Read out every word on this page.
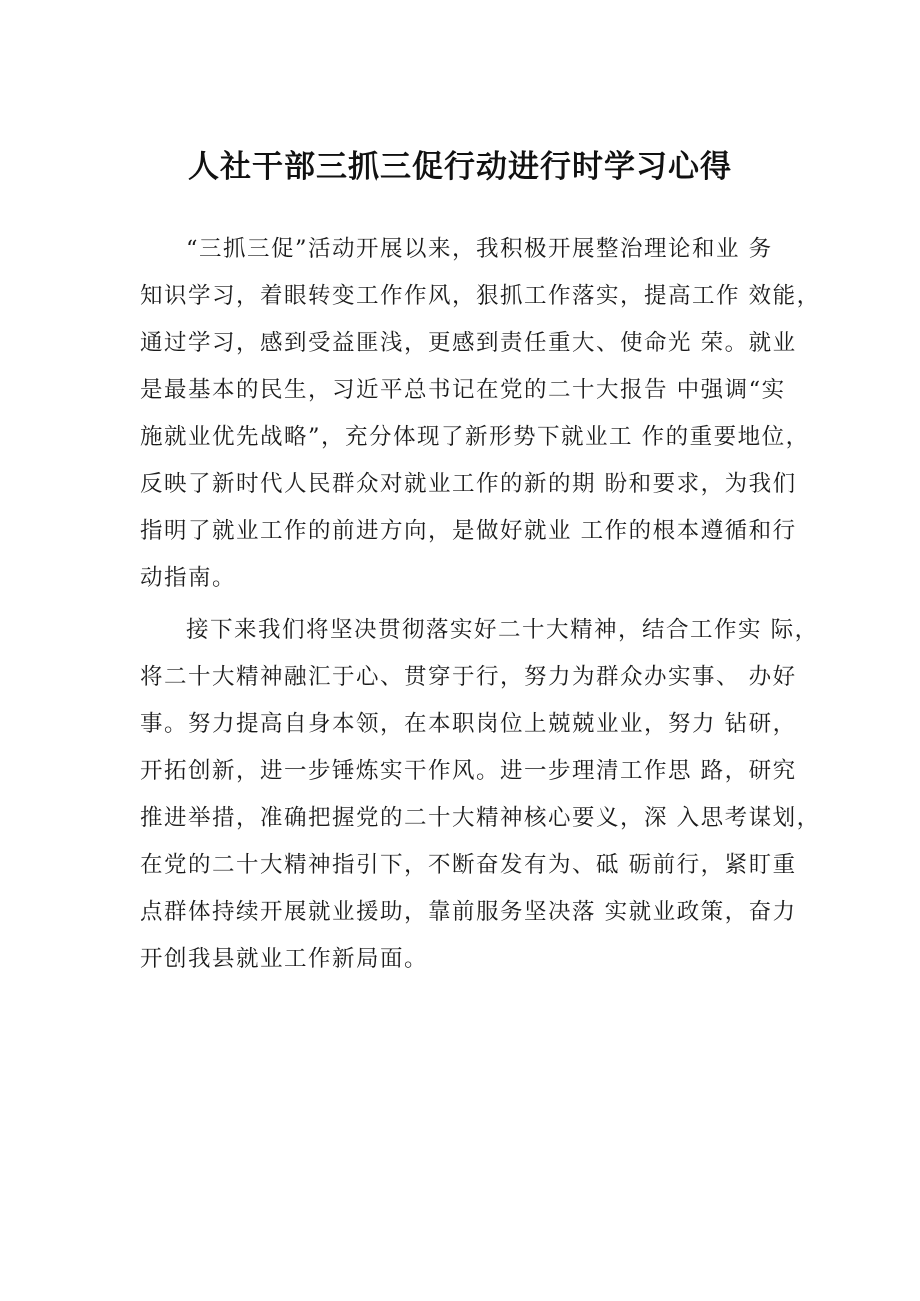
人社干部三抓三促行动进行时学习心得
“三抓三促”活动开展以来，我积极开展整治理论和业 务
知识学习，着眼转变工作作风，狠抓工作落实，提高工作 效能，
通过学习，感到受益匪浅，更感到责任重大、使命光 荣。就业
是最基本的民生，习近平总书记在党的二十大报告 中强调“实
施就业优先战略”，充分体现了新形势下就业工 作的重要地位，
反映了新时代人民群众对就业工作的新的期 盼和要求，为我们
指明了就业工作的前进方向，是做好就业 工作的根本遵循和行
动指南。
接下来我们将坚决贯彻落实好二十大精神，结合工作实 际，
将二十大精神融汇于心、贯穿于行，努力为群众办实事、 办好
事。努力提高自身本领，在本职岗位上兢兢业业，努力 钻研，
开拓创新，进一步锤炼实干作风。进一步理清工作思 路，研究
推进举措，准确把握党的二十大精神核心要义，深 入思考谋划，
在党的二十大精神指引下，不断奋发有为、砥 砺前行，紧盯重
点群体持续开展就业援助，靠前服务坚决落 实就业政策，奋力
开创我县就业工作新局面。
